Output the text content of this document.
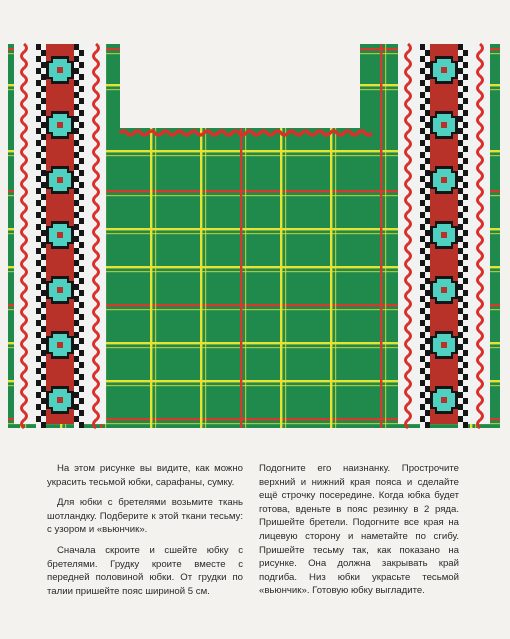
На этом рисунке вы видите, как можно украсить тесьмой юбки, сарафаны, сумку.

Для юбки с бретелями возьмите ткань шотландку. Подберите к этой ткани тесьму: с узором и «вьюнчик».

Сначала скроите и сшейте юбку с бретелями. Грудку кроите вместе с передней половиной юбки. От грудки по талии пришейте пояс шириной 5 см.

Подогните его наизнанку. Прострочите верхний и нижний края пояса и сделайте ещё строчку посередине. Когда юбка будет готова, вденьте в пояс резинку в 2 ряда. Пришейте бретели. Подогните все края на лицевую сторону и наметайте по сгибу. Пришейте тесьму так, как показано на рисунке. Она должна закрывать край подгиба. Низ юбки украсьте тесьмой «вьюнчик». Готовую юбку выгладите.
